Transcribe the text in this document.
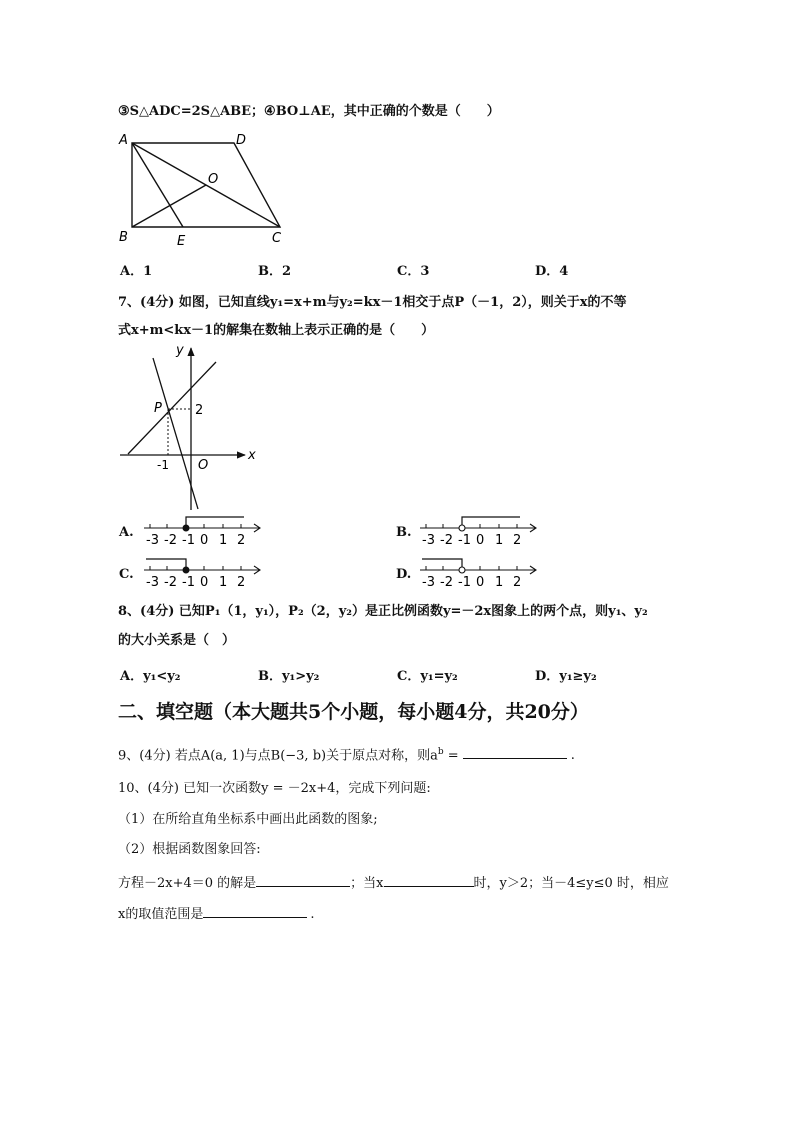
③S△ADC=2S△ABE；④BO⊥AE，其中正确的个数是（　　）
A	D
O
B	E	C
A．1	B．2	C．3	D．4
7、(4分) 如图，已知直线y₁=x+m与y₂=kx－1相交于点P（－1，2），则关于x的不等
式x+m<kx－1的解集在数轴上表示正确的是（　　）
y
x
P	2
-1 O
A.
-3 -2 -1 0 1 2
B.
-3 -2 -1 0 1 2
C.
-3 -2 -1 0 1 2
D.
-3 -2 -1 0 1 2
8、(4分) 已知P₁（1，y₁），P₂（2，y₂）是正比例函数y=－2x图象上的两个点，则y₁、y₂
的大小关系是（　）
A．y₁<y₂	B．y₁>y₂	C．y₁=y₂	D．y₁≥y₂
二、填空题（本大题共5个小题，每小题4分，共20分）
9、(4分) 若点A(a, 1)与点B(−3, b)关于原点对称，则$a^b$ =	.
10、(4分) 已知一次函数y = －2x+4，完成下列问题:
（1）在所给直角坐标系中画出此函数的图象;
（2）根据函数图象回答:
方程－2x+4＝0 的解是	；当x	时，y＞2；当－4≤y≤0 时，相应
x的取值范围是	.
